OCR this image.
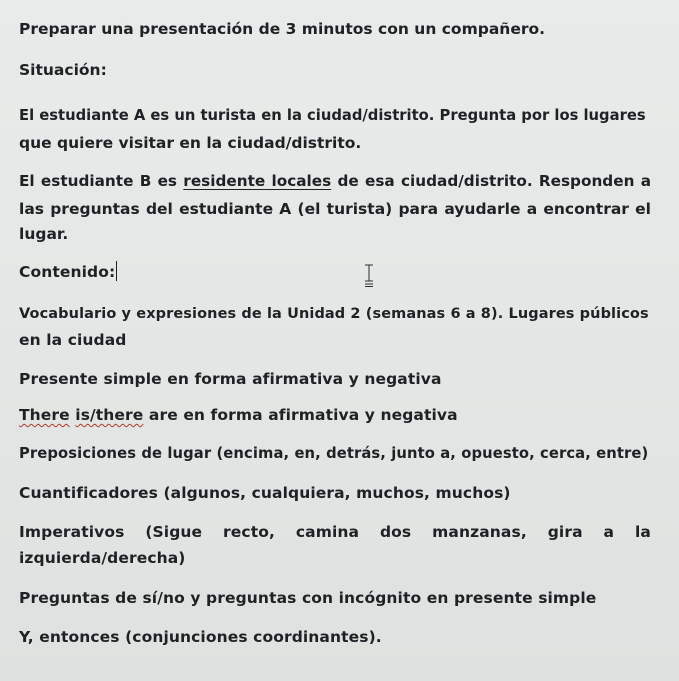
Preparar una presentación de 3 minutos con un compañero.
Situación:
El estudiante A es un turista en la ciudad/distrito. Pregunta por los lugares
que quiere visitar en la ciudad/distrito.
El estudiante B es residente locales de esa ciudad/distrito. Responden a
las preguntas del estudiante A (el turista) para ayudarle a encontrar el
lugar.
Contenido:
Vocabulario y expresiones de la Unidad 2 (semanas 6 a 8). Lugares públicos
en la ciudad
Presente simple en forma afirmativa y negativa
There is/there are en forma afirmativa y negativa
Preposiciones de lugar (encima, en, detrás, junto a, opuesto, cerca, entre)
Cuantificadores (algunos, cualquiera, muchos, muchos)
Imperativos (Sigue recto, camina dos manzanas, gira a la
izquierda/derecha)
Preguntas de sí/no y preguntas con incógnito en presente simple
Y, entonces (conjunciones coordinantes).
